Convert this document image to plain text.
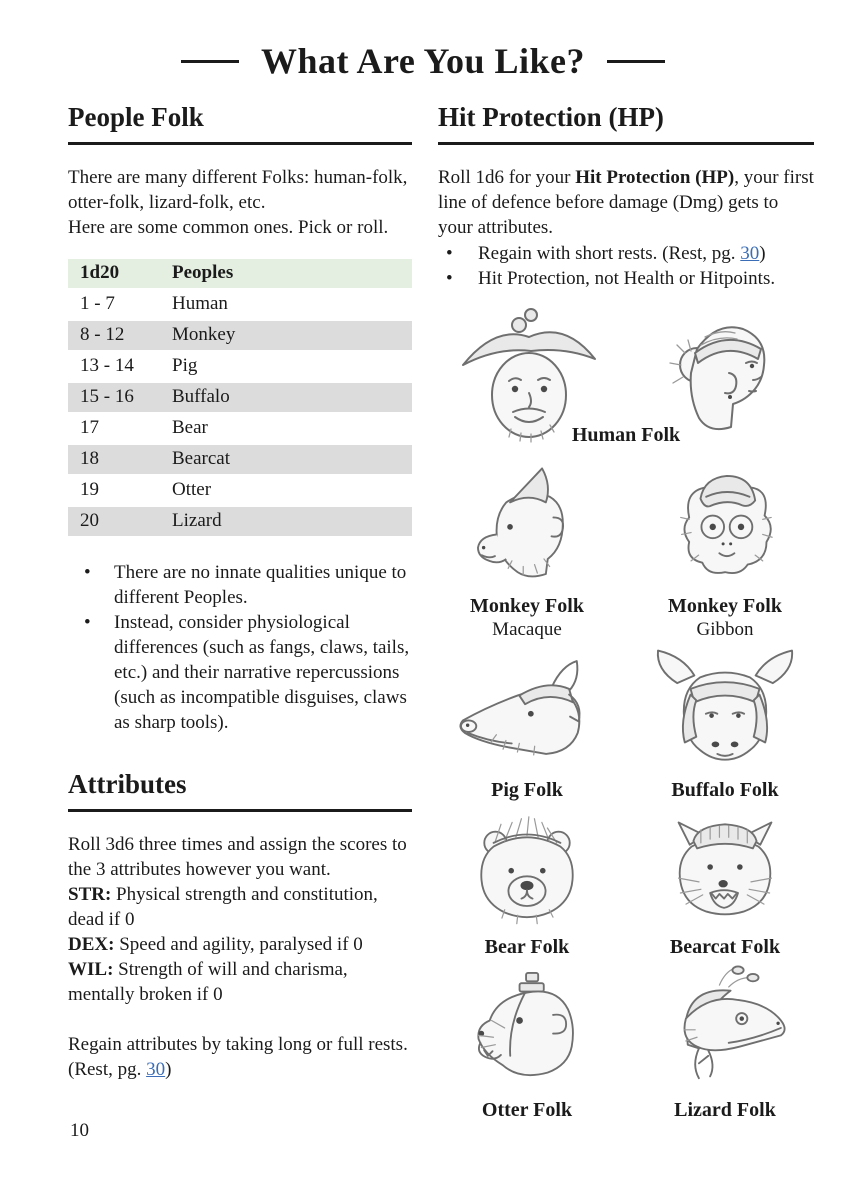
What Are You Like?
People Folk
There are many different Folks: human-folk,
otter-folk, lizard-folk, etc.
Here are some common ones. Pick or roll.
1d20	Peoples
1 - 7	Human
8 - 12	Monkey
13 - 14	Pig
15 - 16	Buffalo
17	Bear
18	Bearcat
19	Otter
20	Lizard
•
There are no innate qualities unique to different Peoples.
•
Instead, consider physiological differences (such as fangs, claws, tails, etc.) and their narrative repercussions (such as incompatible disguises, claws as sharp tools).
Attributes
Roll 3d6 three times and assign the scores to the 3 attributes however you want.
STR: Physical strength and constitution, dead if 0
DEX: Speed and agility, paralysed if 0
WIL: Strength of will and charisma, mentally broken if 0
Regain attributes by taking long or full rests. (Rest, pg. 30)
Hit Protection (HP)
Roll 1d6 for your Hit Protection (HP), your first line of defence before damage (Dmg) gets to your attributes.
•
Regain with short rests. (Rest, pg. 30)
•
Hit Protection, not Health or Hitpoints.
Human Folk
Monkey Folk
Macaque
Monkey Folk
Gibbon
Pig Folk	Buffalo Folk
Bear Folk	Bearcat Folk
Otter Folk	Lizard Folk
10
